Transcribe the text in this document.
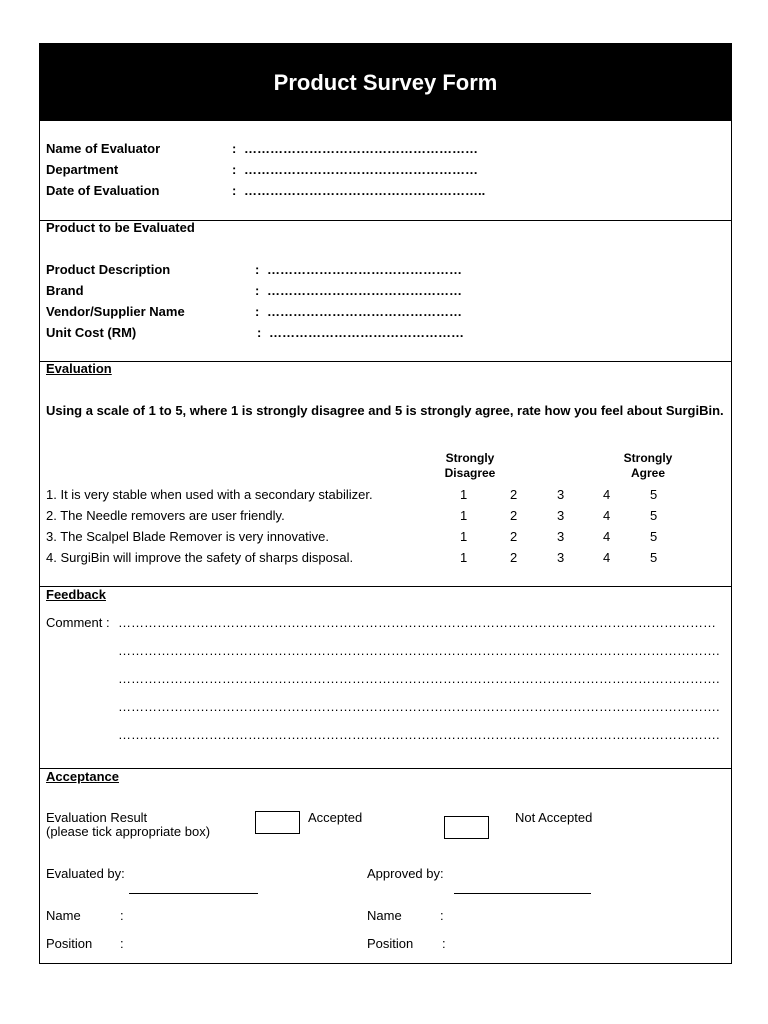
Product Survey Form
Name of Evaluator	: ………………………………………………
Department	: ………………………………………………
Date of Evaluation	: ………………………………………………..
Product to be Evaluated
Product Description	: ………………………………………
Brand	: ………………………………………
Vendor/Supplier Name	: ………………………………………
Unit Cost (RM)	: ………………………………………
Evaluation
Using a scale of 1 to 5, where 1 is strongly disagree and 5 is strongly agree, rate how you feel about SurgiBin.
Strongly Disagree
Strongly Agree
1. It is very stable when used with a secondary stabilizer.	1	2	3	4	5
2. The Needle removers are user friendly.	1	2	3	4	5
3. The Scalpel Blade Remover is very innovative.	1	2	3	4	5
4. SurgiBin will improve the safety of sharps disposal.	1	2	3	4	5
Feedback
Comment : …………………………………………………………………………………………………………………………
………………………………………………………………………………………………………………………….
………………………………………………………………………………………………………………………….
………………………………………………………………………………………………………………………….
………………………………………………………………………………………………………………………….
Acceptance
Evaluation Result
(please tick appropriate box)
Accepted	Not Accepted
Evaluated by:	Approved by:
Name	:	Name	:
Position :	Position :
